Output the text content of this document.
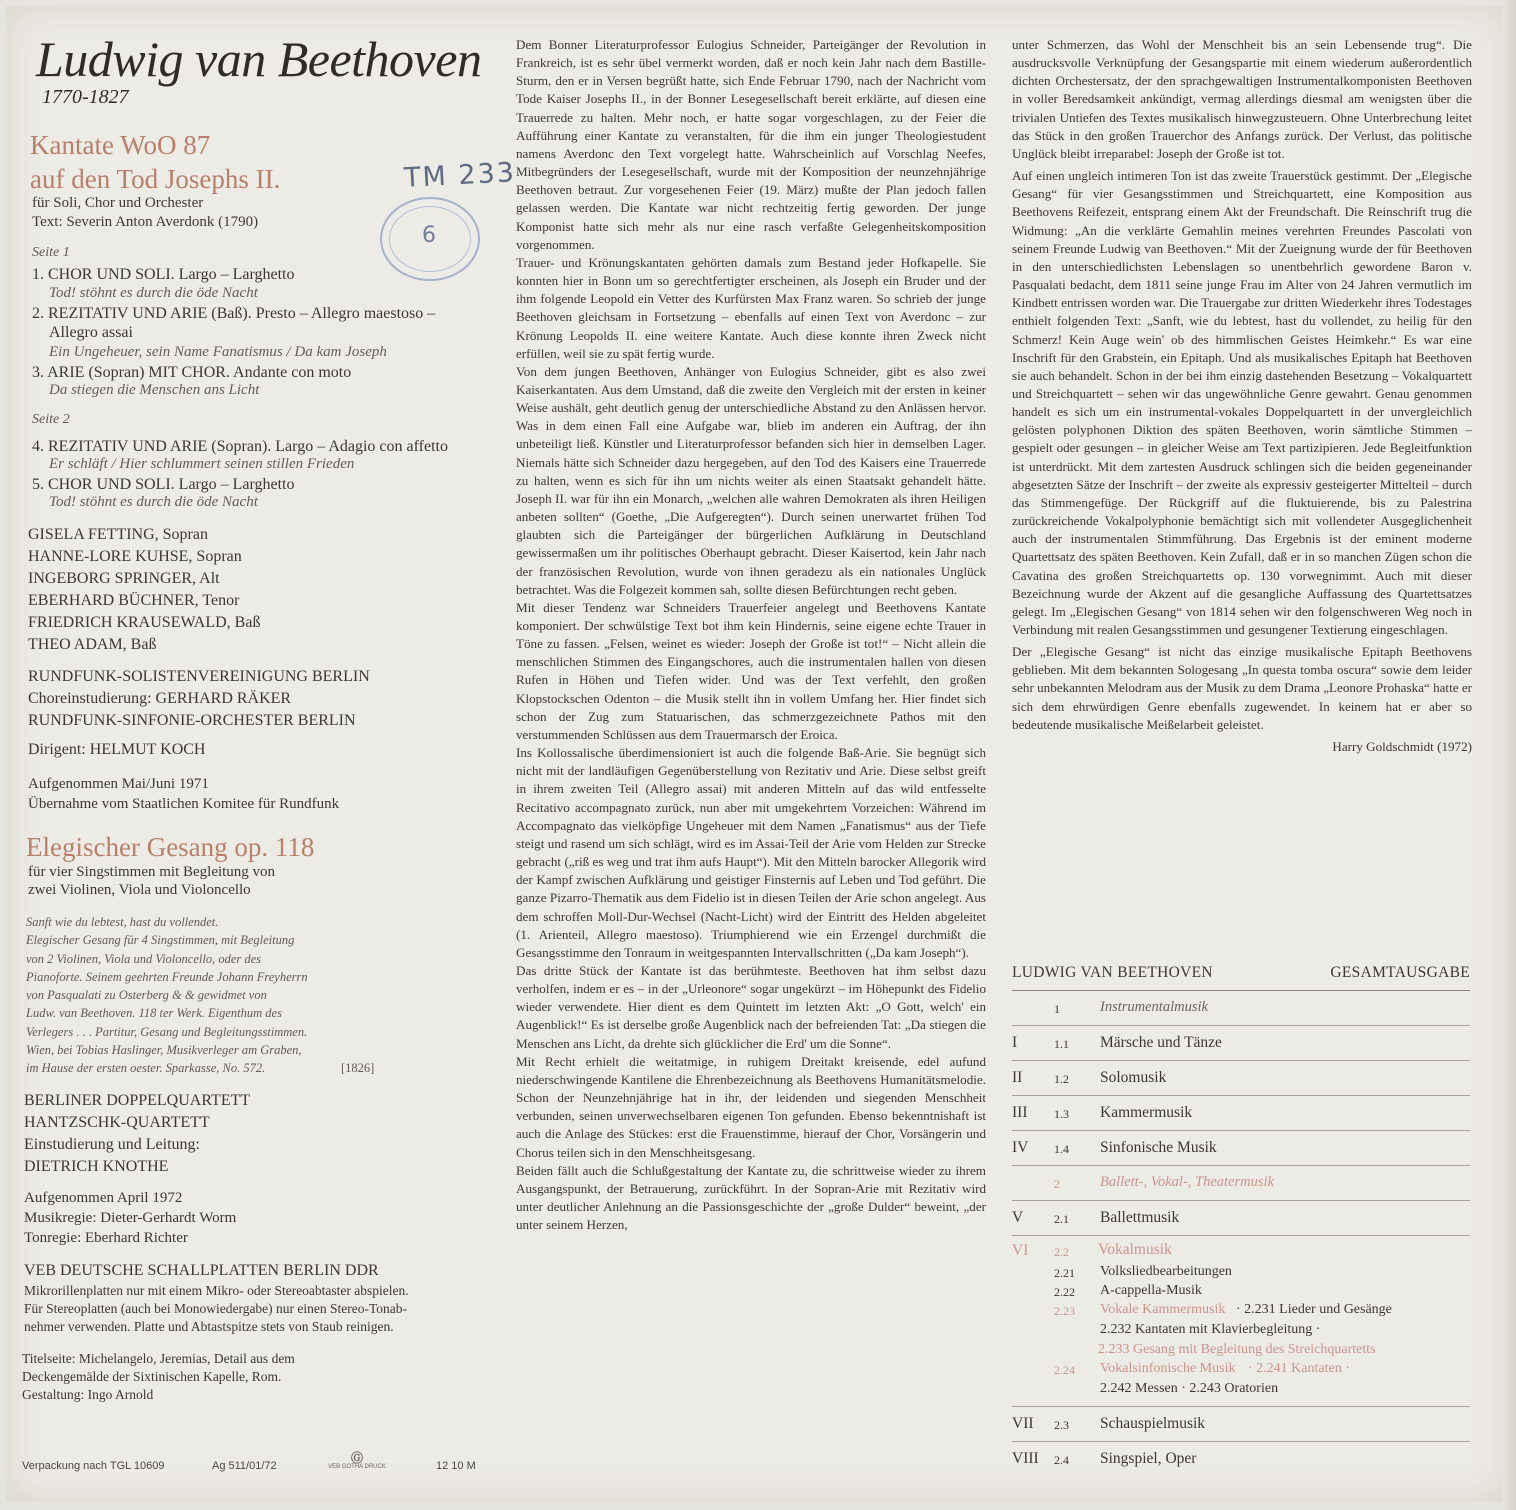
Ludwig van Beethoven
1770-1827
Kantate WoO 87
auf den Tod Josephs II.
für Soli, Chor und Orchester
Text: Severin Anton Averdonk (1790)
TM 233
6
Seite 1
1. CHOR UND SOLI. Largo – Larghetto
Tod! stöhnt es durch die öde Nacht
2. REZITATIV UND ARIE (Baß). Presto – Allegro maestoso –
Allegro assai
Ein Ungeheuer, sein Name Fanatismus / Da kam Joseph
3. ARIE (Sopran) MIT CHOR. Andante con moto
Da stiegen die Menschen ans Licht
Seite 2
4. REZITATIV UND ARIE (Sopran). Largo – Adagio con affetto
Er schläft / Hier schlummert seinen stillen Frieden
5. CHOR UND SOLI. Largo – Larghetto
Tod! stöhnt es durch die öde Nacht
GISELA FETTING, Sopran
HANNE-LORE KUHSE, Sopran
INGEBORG SPRINGER, Alt
EBERHARD BÜCHNER, Tenor
FRIEDRICH KRAUSEWALD, Baß
THEO ADAM, Baß
RUNDFUNK-SOLISTENVEREINIGUNG BERLIN
Choreinstudierung: GERHARD RÄKER
RUNDFUNK-SINFONIE-ORCHESTER BERLIN
Dirigent: HELMUT KOCH
Aufgenommen Mai/Juni 1971
Übernahme vom Staatlichen Komitee für Rundfunk
Elegischer Gesang op. 118
für vier Singstimmen mit Begleitung von
zwei Violinen, Viola und Violoncello
Sanft wie du lebtest, hast du vollendet.
Elegischer Gesang für 4 Singstimmen, mit Begleitung
von 2 Violinen, Viola und Violoncello, oder des
Pianoforte. Seinem geehrten Freunde Johann Freyherrn
von Pasqualati zu Osterberg & & gewidmet von
Ludw. van Beethoven. 118 ter Werk. Eigenthum des
Verlegers . . . Partitur, Gesang und Begleitungsstimmen.
Wien, bei Tobias Haslinger, Musikverleger am Graben,
im Hause der ersten oester. Sparkasse, No. 572.	[1826]
BERLINER DOPPELQUARTETT
HANTZSCHK-QUARTETT
Einstudierung und Leitung:
DIETRICH KNOTHE
Aufgenommen April 1972
Musikregie: Dieter-Gerhardt Worm
Tonregie: Eberhard Richter
VEB DEUTSCHE SCHALLPLATTEN BERLIN DDR
Mikrorillenplatten nur mit einem Mikro- oder Stereoabtaster abspielen.
Für Stereoplatten (auch bei Monowiedergabe) nur einen Stereo-Tonab-
nehmer verwenden. Platte und Abtastspitze stets von Staub reinigen.
Titelseite: Michelangelo, Jeremias, Detail aus dem
Deckengemälde der Sixtinischen Kapelle, Rom.
Gestaltung: Ingo Arnold
Verpackung nach TGL 10609	Ag 511/01/72
Ⓖ
VEB GOTHA DRUCK	12 10 M

Dem Bonner Literaturprofessor Eulogius Schneider, Parteigänger der Revolution in Frankreich, ist es sehr übel vermerkt worden, daß er noch kein Jahr nach dem Bastille-Sturm, den er in Versen begrüßt hatte, sich Ende Februar 1790, nach der Nachricht vom Tode Kaiser Josephs II., in der Bonner Lesegesellschaft bereit erklärte, auf diesen eine Trauerrede zu halten. Mehr noch, er hatte sogar vorgeschlagen, zu der Feier die Aufführung einer Kantate zu veranstalten, für die ihm ein junger Theologiestudent namens Averdonc den Text vorgelegt hatte. Wahrscheinlich auf Vorschlag Neefes, Mitbegründers der Lesegesellschaft, wurde mit der Komposition der neunzehnjährige Beethoven betraut. Zur vorgesehenen Feier (19. März) mußte der Plan jedoch fallen gelassen werden. Die Kantate war nicht rechtzeitig fertig geworden. Der junge Komponist hatte sich mehr als nur eine rasch verfaßte Gelegenheitskomposition vorgenommen.

Trauer- und Krönungskantaten gehörten damals zum Bestand jeder Hofkapelle. Sie konnten hier in Bonn um so gerechtfertigter erscheinen, als Joseph ein Bruder und der ihm folgende Leopold ein Vetter des Kurfürsten Max Franz waren. So schrieb der junge Beethoven gleichsam in Fortsetzung – ebenfalls auf einen Text von Averdonc – zur Krönung Leopolds II. eine weitere Kantate. Auch diese konnte ihren Zweck nicht erfüllen, weil sie zu spät fertig wurde.

Von dem jungen Beethoven, Anhänger von Eulogius Schneider, gibt es also zwei Kaiserkantaten. Aus dem Umstand, daß die zweite den Vergleich mit der ersten in keiner Weise aushält, geht deutlich genug der unterschiedliche Abstand zu den Anlässen hervor. Was in dem einen Fall eine Aufgabe war, blieb im anderen ein Auftrag, der ihn unbeteiligt ließ. Künstler und Literaturprofessor befanden sich hier in demselben Lager. Niemals hätte sich Schneider dazu hergegeben, auf den Tod des Kaisers eine Trauerrede zu halten, wenn es sich für ihn um nichts weiter als einen Staatsakt gehandelt hätte. Joseph II. war für ihn ein Monarch, „welchen alle wahren Demokraten als ihren Heiligen anbeten sollten“ (Goethe, „Die Aufgeregten“). Durch seinen unerwartet frühen Tod glaubten sich die Parteigänger der bürgerlichen Aufklärung in Deutschland gewissermaßen um ihr politisches Oberhaupt gebracht. Dieser Kaisertod, kein Jahr nach der französischen Revolution, wurde von ihnen geradezu als ein nationales Unglück betrachtet. Was die Folgezeit kommen sah, sollte diesen Befürchtungen recht geben.

Mit dieser Tendenz war Schneiders Trauerfeier angelegt und Beethovens Kantate komponiert. Der schwülstige Text bot ihm kein Hindernis, seine eigene echte Trauer in Töne zu fassen. „Felsen, weinet es wieder: Joseph der Große ist tot!“ – Nicht allein die menschlichen Stimmen des Eingangschores, auch die instrumentalen hallen von diesen Rufen in Höhen und Tiefen wider. Und was der Text verfehlt, den großen Klopstockschen Odenton – die Musik stellt ihn in vollem Umfang her. Hier findet sich schon der Zug zum Statuarischen, das schmerzgezeichnete Pathos mit den verstummenden Schlüssen aus dem Trauermarsch der Eroica.

Ins Kollossalische überdimensioniert ist auch die folgende Baß-Arie. Sie begnügt sich nicht mit der landläufigen Gegenüberstellung von Rezitativ und Arie. Diese selbst greift in ihrem zweiten Teil (Allegro assai) mit anderen Mitteln auf das wild entfesselte Recitativo accompagnato zurück, nun aber mit umgekehrtem Vorzeichen: Während im Accompagnato das vielköpfige Ungeheuer mit dem Namen „Fanatismus“ aus der Tiefe steigt und rasend um sich schlägt, wird es im Assai-Teil der Arie vom Helden zur Strecke gebracht („riß es weg und trat ihm aufs Haupt“). Mit den Mitteln barocker Allegorik wird der Kampf zwischen Aufklärung und geistiger Finsternis auf Leben und Tod geführt. Die ganze Pizarro-Thematik aus dem Fidelio ist in diesen Teilen der Arie schon angelegt. Aus dem schroffen Moll-Dur-Wechsel (Nacht-Licht) wird der Eintritt des Helden abgeleitet (1. Arienteil, Allegro maestoso). Triumphierend wie ein Erzengel durchmißt die Gesangsstimme den Tonraum in weitgespannten Intervallschritten („Da kam Joseph“).

Das dritte Stück der Kantate ist das berühmteste. Beethoven hat ihm selbst dazu verholfen, indem er es – in der „Urleonore“ sogar ungekürzt – im Höhepunkt des Fidelio wieder verwendete. Hier dient es dem Quintett im letzten Akt: „O Gott, welch' ein Augenblick!“ Es ist derselbe große Augenblick nach der befreienden Tat: „Da stiegen die Menschen ans Licht, da drehte sich glücklicher die Erd' um die Sonne“.

Mit Recht erhielt die weitatmige, in ruhigem Dreitakt kreisende, edel aufund niederschwingende Kantilene die Ehrenbezeichnung als Beethovens Humanitätsmelodie. Schon der Neunzehnjährige hat in ihr, der leidenden und siegenden Menschheit verbunden, seinen unverwechselbaren eigenen Ton gefunden. Ebenso bekenntnishaft ist auch die Anlage des Stückes: erst die Frauenstimme, hierauf der Chor, Vorsängerin und Chorus teilen sich in den Menschheitsgesang.

Beiden fällt auch die Schlußgestaltung der Kantate zu, die schrittweise wieder zu ihrem Ausgangspunkt, der Betrauerung, zurückführt. In der Sopran-Arie mit Rezitativ wird unter deutlicher Anlehnung an die Passionsgeschichte der „große Dulder“ beweint, „der unter seinem Herzen,

unter Schmerzen, das Wohl der Menschheit bis an sein Lebensende trug“. Die ausdrucksvolle Verknüpfung der Gesangspartie mit einem wiederum außerordentlich dichten Orchestersatz, der den sprachgewaltigen Instrumentalkomponisten Beethoven in voller Beredsamkeit ankündigt, vermag allerdings diesmal am wenigsten über die trivialen Untiefen des Textes musikalisch hinwegzusteuern. Ohne Unterbrechung leitet das Stück in den großen Trauerchor des Anfangs zurück. Der Verlust, das politische Unglück bleibt irreparabel: Joseph der Große ist tot.

Auf einen ungleich intimeren Ton ist das zweite Trauerstück gestimmt. Der „Elegische Gesang“ für vier Gesangsstimmen und Streichquartett, eine Komposition aus Beethovens Reifezeit, entsprang einem Akt der Freundschaft. Die Reinschrift trug die Widmung: „An die verklärte Gemahlin meines verehrten Freundes Pascolati von seinem Freunde Ludwig van Beethoven.“ Mit der Zueignung wurde der für Beethoven in den unterschiedlichsten Lebenslagen so unentbehrlich gewordene Baron v. Pasqualati bedacht, dem 1811 seine junge Frau im Alter von 24 Jahren vermutlich im Kindbett entrissen worden war. Die Trauergabe zur dritten Wiederkehr ihres Todestages enthielt folgenden Text: „Sanft, wie du lebtest, hast du vollendet, zu heilig für den Schmerz! Kein Auge wein' ob des himmlischen Geistes Heimkehr.“ Es war eine Inschrift für den Grabstein, ein Epitaph. Und als musikalisches Epitaph hat Beethoven sie auch behandelt. Schon in der bei ihm einzig dastehenden Besetzung – Vokalquartett und Streichquartett – sehen wir das ungewöhnliche Genre gewahrt. Genau genommen handelt es sich um ein instrumental-vokales Doppelquartett in der unvergleichlich gelösten polyphonen Diktion des späten Beethoven, worin sämtliche Stimmen – gespielt oder gesungen – in gleicher Weise am Text partizipieren. Jede Begleitfunktion ist unterdrückt. Mit dem zartesten Ausdruck schlingen sich die beiden gegeneinander abgesetzten Sätze der Inschrift – der zweite als expressiv gesteigerter Mittelteil – durch das Stimmengefüge. Der Rückgriff auf die fluktuierende, bis zu Palestrina zurückreichende Vokalpolyphonie bemächtigt sich mit vollendeter Ausgeglichenheit auch der instrumentalen Stimmführung. Das Ergebnis ist der eminent moderne Quartettsatz des späten Beethoven. Kein Zufall, daß er in so manchen Zügen schon die Cavatina des großen Streichquartetts op. 130 vorwegnimmt. Auch mit dieser Bezeichnung wurde der Akzent auf die gesangliche Auffassung des Quartettsatzes gelegt. Im „Elegischen Gesang“ von 1814 sehen wir den folgenschweren Weg noch in Verbindung mit realen Gesangsstimmen und gesungener Textierung eingeschlagen.

Der „Elegische Gesang“ ist nicht das einzige musikalische Epitaph Beethovens geblieben. Mit dem bekannten Sologesang „In questa tomba oscura“ sowie dem leider sehr unbekannten Melodram aus der Musik zu dem Drama „Leonore Prohaska“ hatte er sich dem ehrwürdigen Genre ebenfalls zugewendet. In keinem hat er aber so bedeutende musikalische Meißelarbeit geleistet.

Harry Goldschmidt (1972)
LUDWIG VAN BEETHOVEN	GESAMTAUSGABE
1	Instrumentalmusik
I	1.1 Märsche und Tänze
II	1.2 Solomusik
III 1.3 Kammermusik
IV 1.4 Sinfonische Musik
2	Ballett-, Vokal-, Theatermusik
V	2.1 Ballettmusik
VI 2.2 Vokalmusik
2.21 Volksliedbearbeitungen
2.22 A-cappella-Musik
2.23 Vokale Kammermusik · 2.231 Lieder und Gesänge
2.232 Kantaten mit Klavierbegleitung ·
2.233 Gesang mit Begleitung des Streichquartetts
2.24 Vokalsinfonische Musik · 2.241 Kantaten ·
2.242 Messen · 2.243 Oratorien
VII 2.3 Schauspielmusik
VIII 2.4 Singspiel, Oper
